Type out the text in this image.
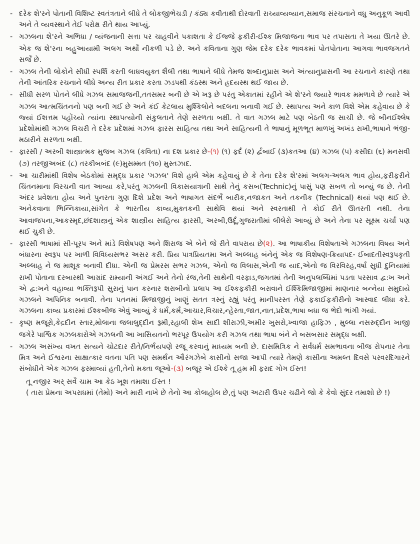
- દરેક શે'રને પોતાની વિશિષ્ટ સ્વતંત્રતાને લીધે તે લોકજીભેચડી / કંઠ્ય કવીતાથી દોરવાતી રાચ્યાવ્યવ્યાન,સમાજ સંરચનાને વધુ અનુકૂળ આવી અને તે વ્યવસ્થાને તેઈ પરોક્ષ રીતે થાય આપ્યું.

- ગઝલના શે'રને અભિધા / વ્યંજનાની સત્તા પર ચાહવીને પકાશતા કે ઈજ્જે ફકીરી-ઈશ્ક મિજાજના ભાવ પર તપાસતા તે ખયા ઊતરે છે. એક જ શે'રના બહુઆયામી અલગ અર્થો નીકળી પડે છે. અને કવિતાના ગુણ જેમ દરેક દરેક ભાવકમાં પોતપોતાના આગવા ભાવજગતને સર્જે છે.

- ગઝલ તેની લોકોને સીધી સ્પર્શિ કરતી લાઘવયુક્ત શૈલી તથા ભાષાને લીધે તેમજ શબ્દાનુપ્રાસ અને અંત્યાનુપ્રાસની આ રચનાને કારણે તથા તેની આંતરિક રચનાને લીધે અન્ય રીત પ્રકાર કરતા ઝડપથી કંઠસ્થ અને હ્રદયસ્થ થઈ જાય છે.

- સીધી સરળ પોતને લીધે ગઝલ સમાજજની,તતસમર બની છે એ ખરૂ છે પરંતુ એકાતમાં રહીને એ શે'રને જ્યારે ભાવક મમળાવે છે ત્યારે એ ગઝલ આત્મચિંતનનો પણ બની ગઈ છે અને કંઈ કેટલાય મુશ્કિલોને બદલના બનાવી ગઈ છે. સ્થાપત્ય અને કાળ વિશે એમ કહેવાય છે કે જ્યાં ઈશત્તમ પહોંચ્યો ત્યાંના સ્થાપત્યોની સંકુલતાને તેણે સરળતા બક્ષી. તે વાત ગઝલ માટે પણ બેઠતી જ સાચી છે. જે બીનઈશ્લેષ પ્રદેશોમાંથી ગઝલ વિચરી તે દરેક પ્રદેશમાં ગઝલ ફારસ સાહિત્ય તથા અને સાહિત્યની તે ભાષાનું મૂળભૂત માળખું અખંડ રાખી,ભાષાને ભંજી-મઠારીને સરળતા બક્ષી.

- ફારસી / અરબી શાસ્ત્રાત્મક મુજબ ગઝલ (કવિતા) ના દશ પ્રકાર છે-(૧) (૧) ફર્દ (૨) ર્દ્વબાઈ (૩)કતઆ (૪) ગઝલ (૫) કસીદા (૬) મનસવી (૭) તરજીઅબંદ (૮) તરકીબબંદ (૯)મુસમ્મત (૧૦) મુસ્તઝાદ.

- આ ચારીમાંથી વિશેષ બેઠકોમાં સમૃદ્ધ પ્રકાર 'ગઝલ' વિશે હાલે એમ કહેવાયું છે કે તેના દરેક શે'રમાં અલગ-અલગ ભાવ હોય,ફરીફરીને ચિંતનમાના વિરચની વાત આવ્યા કરે,પરંતુ ગઝલની વિકાસયાત્રાની સાથે તેનું કસબ(Technic)નું પાસું પણ સબળ તો બન્યું જ છે. તેની અંદર પ્રવેશતા હોય અને પુનરતા ગુણ દિશે પ્રદેશ અને ભાષાગત સંદર્ભે બારીક,નજાકત અને તકનીક (Technical) થયાં પણ થઈ છે. અનેકવાના ભિન્નિકાયા,સાંગેત કે ભારતીય કાવ્ય,મુક્તકની સાથેવિ થયાં અને સ્વરતાથી તે કોઈ રીતે ઊતરતી નથી. તેના આવાજપના,આકસ્મૃદ,છંદશાસ્ત્રનું એક શાસ્ત્રીય સાહિત્ય ફારસી, અરબી,ઉર્દૂ,ગુજરાતીમાં લીલેરો આવ્યું છે અને તેના પર સૂક્ષ્મ ચર્ચા પણ થઈ ચુકી છે.

- ફારસી ભાષામાં સી-પૂરપ અને માંડે વિશેષપણ અને શિરાજ એ બેને જે રીતે વાપરાય છે(૨). આ ભાષાકીય વિશેષતાએ ગઝલના વિષય અને બંધારના સ્વરૂપ પર ખાળી વિવિધ્યસભર અસર કરી. પ્રિય પાત્રપ્રિયતમા અને અલ્લાહ બંનેનું એક જ વિશેષણ-ક્રિયાપદ- ઈબાદતીસ્વરૂપકૃતી અલ્લાહ ને જ માશૂક બનાવી દીધા. એની જ પ્રેમરસ સભર ગઝલ, એનો જ વિલાસ,એની જ યાદ,એનો જ વિરવિરહ,વર્ષા સુધી દુનિયામાં રાખી પોતાના દરબારથી આગ્રાંદ રામ્યાની અંગઈ અને તેનો રંજ,તેની સાથેની વરફાડ,જગતમાં તેની અનુપલબ્ધિમાં પડતા પરસાવ દ્વ:ખ અને એ દ્વ:ખને વહાવ્યા ભક્તિરૂપી સુરાનું પાન કરનાર શરાબીનો પ્રલાપ આ ઈશ્કફકીરી બરાવાને ઈશ્કિમિજાજીમાં માણનાર બન્નેયા સમુદાયે ગઝલને અપિનિક બનાવી. તેના પતનમાં મિજાજીનું ખાણું સતત ત્રસ્નું રહ્યું પરંતુ માનીપરસ્ત તેણે ફકાઈફકીરીનો આસ્વાદ લીધા કરે. ગઝલના કાવ્ય પ્રકારમાં ઈશ્કબીજ એવું આવ્યું કે ધર્મ,કર્મ,આચાર,વિચાર,ન્હેરતા,જાત,નાત,પ્રદેશ,ભાષા બધા જ ભેદો ભાંગી ગયાં.

- કૃષ્ણ મજૂરો,કેદ્રદીન સ્તાર,મોલાના જલાલુદ્દીન રૂમી,રહાલી શેખ સાદી શીરાઝી,અમીર ખુસરો,ખ્વાજા હાફિઝ , મુલ્લા નસરુદ્દીન ખાજી જગેરે પાર્શ્વિક ગઝલકારોએ ગઝલની આ ખાસિયતનો ભરપૂર ઉપયોગ કરી ગઝલ તથા ભાષા બંને ને બસબસાર સમૃદ્ધ બક્ષી.

- ગઝલ અસંખ્ય વખત સત્યને ચોટદાર રીતે/નિર્ભયપણે રજૂ કરવાનું માધ્યમ બની છે. દાસમિત્રિક ને સર્વધર્મ સમભાવના બીજ રોપનાર તેના મિત્ર અને ઈશ્વરના સાક્ષાત્કાર વતના પતિ પણ સમર્થન ઔરંગઝેબે કાસીનો સજા આપી ત્યારે તેમણે કાસીના અમલ્ત દિવસે પરવરદિગારને સંબોધીને એક ગઝલ ફરમાવ્યાં હતી,તેનો મક્તા જૂઓ-(૩) બજૂર એ ઈશ્કે તૂ હમ મી ફરાદ ગોગ ઈસ્ત!

તૂ નજીર અર્ સર્વે ચામ આ કેઠ ખૂશ તમાશા ઈસ્ત !

( તારા પ્રેમના અપરાધમાં (તેમો) અને મારી નાખે છે તેનો આ કોલાહોલ છે,તું પણ અટારી ઉપર ચઢીને જો કે કેવો સુંદર તમાશો છે !)
